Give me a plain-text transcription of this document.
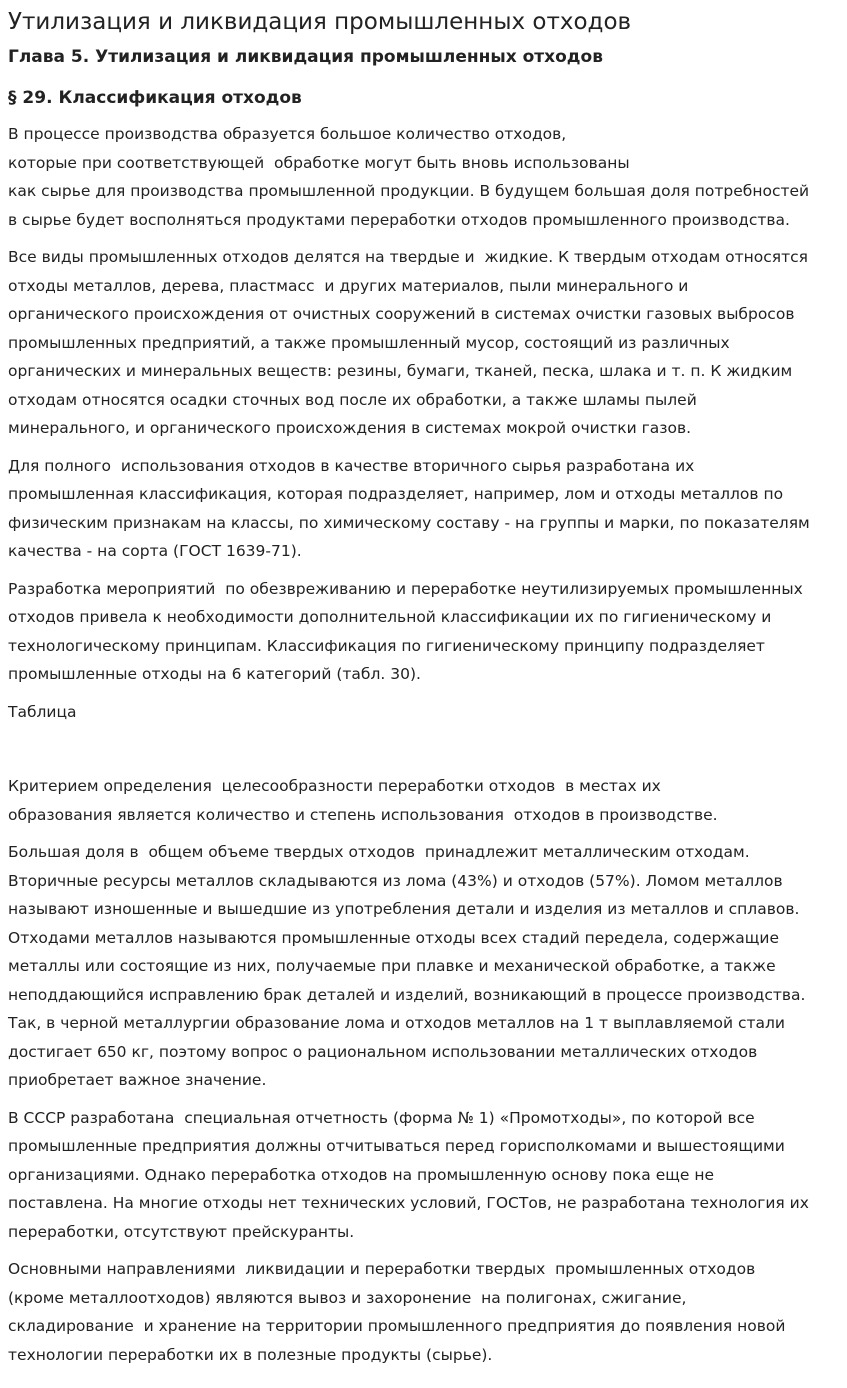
Утилизация и ликвидация промышленных отходов
Глава 5. Утилизация и ликвидация промышленных отходов
§ 29. Классификация отходов

В процессе производства образуется большое количество отходов,
которые при соответствующей  обработке могут быть вновь использованы
как сырье для производства промышленной продукции. В будущем большая доля потребностей
в сырье будет восполняться продуктами переработки отходов промышленного производства.

Все виды промышленных отходов делятся на твердые и  жидкие. К твердым отходам относятся
отходы металлов, дерева, пластмасс  и других материалов, пыли минерального и
органического происхождения от очистных сооружений в системах очистки газовых выбросов
промышленных предприятий, а также промышленный мусор, состоящий из различных
органических и минеральных веществ: резины, бумаги, тканей, песка, шлака и т. п. К жидким
отходам относятся осадки сточных вод после их обработки, а также шламы пылей
минерального, и органического происхождения в системах мокрой очистки газов.

Для полного  использования отходов в качестве вторичного сырья разработана их
промышленная классификация, которая подразделяет, например, лом и отходы металлов по
физическим признакам на классы, по химическому составу - на группы и марки, по показателям
качества - на сорта (ГОСТ 1639-71).

Разработка мероприятий  по обезвреживанию и переработке неутилизируемых промышленных
отходов привела к необходимости дополнительной классификации их по гигиеническому и
технологическому принципам. Классификация по гигиеническому принципу подразделяет
промышленные отходы на 6 категорий (табл. 30).

Таблица

Критерием определения  целесообразности переработки отходов  в местах их
образования является количество и степень использования  отходов в производстве.

Большая доля в  общем объеме твердых отходов  принадлежит металлическим отходам.
Вторичные ресурсы металлов складываются из лома (43%) и отходов (57%). Ломом металлов
называют изношенные и вышедшие из употребления детали и изделия из металлов и сплавов.
Отходами металлов называются промышленные отходы всех стадий передела, содержащие
металлы или состоящие из них, получаемые при плавке и механической обработке, а также
неподдающийся исправлению брак деталей и изделий, возникающий в процессе производства.
Так, в черной металлургии образование лома и отходов металлов на 1 т выплавляемой стали
достигает 650 кг, поэтому вопрос о рациональном использовании металлических отходов
приобретает важное значение.

В СССР разработана  специальная отчетность (форма № 1) «Промотходы», по которой все
промышленные предприятия должны отчитываться перед горисполкомами и вышестоящими
организациями. Однако переработка отходов на промышленную основу пока еще не
поставлена. На многие отходы нет технических условий, ГОСТов, не разработана технология их
переработки, отсутствуют прейскуранты.

Основными направлениями  ликвидации и переработки твердых  промышленных отходов
(кроме металлоотходов) являются вывоз и захоронение  на полигонах, сжигание,
складирование  и хранение на территории промышленного предприятия до появления новой
технологии переработки их в полезные продукты (сырье).
